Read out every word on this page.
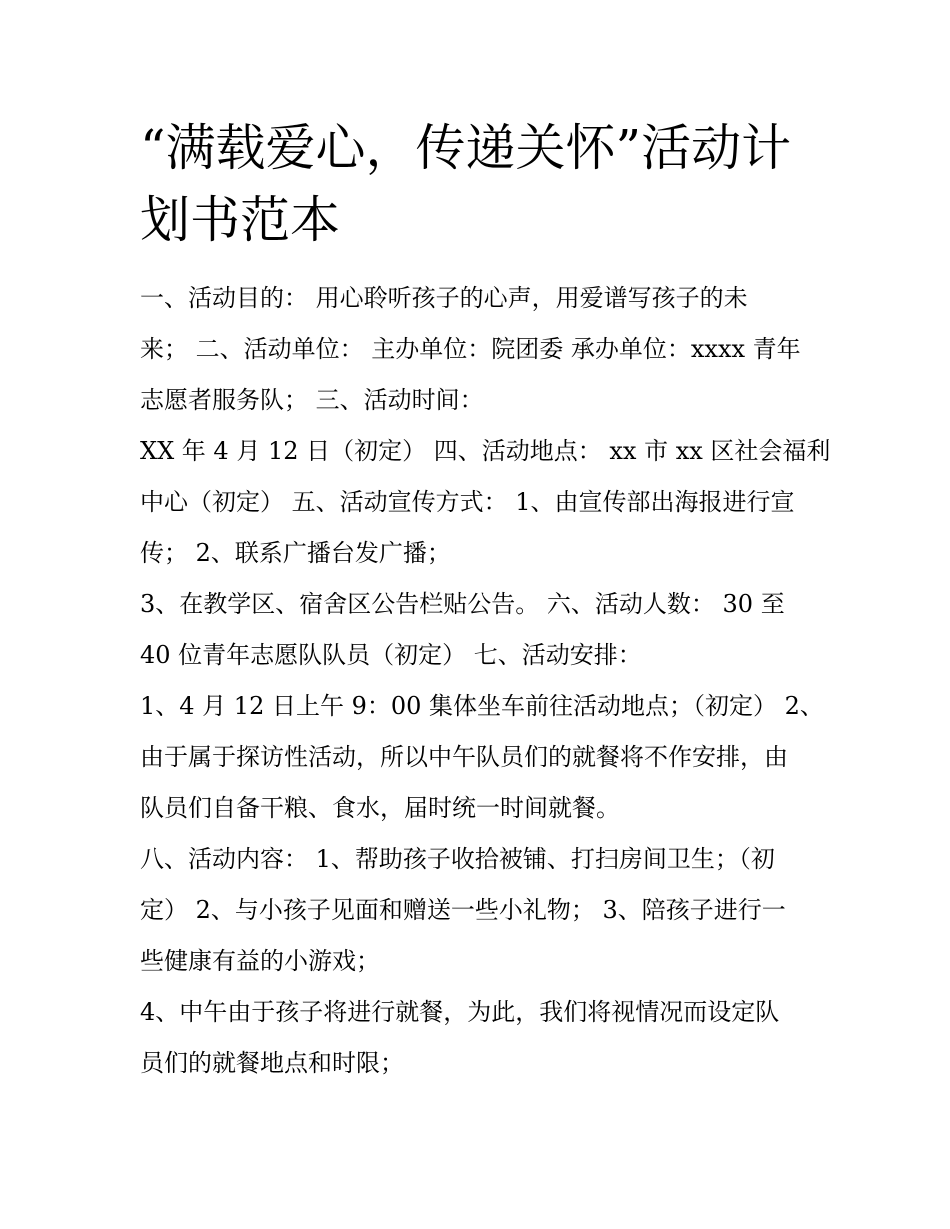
“满载爱心，传递关怀”活动计
划书范本
一、活动目的： 用心聆听孩子的心声，用爱谱写孩子的未
来； 二、活动单位： 主办单位：院团委 承办单位：xxxx 青年
志愿者服务队； 三、活动时间：
XX 年 4 月 12 日（初定） 四、活动地点： xx 市 xx 区社会福利
中心（初定） 五、活动宣传方式： 1、由宣传部出海报进行宣
传； 2、联系广播台发广播；
3、在教学区、宿舍区公告栏贴公告。 六、活动人数： 30 至
40 位青年志愿队队员（初定） 七、活动安排：
1、4 月 12 日上午 9：00 集体坐车前往活动地点；（初定） 2、
由于属于探访性活动，所以中午队员们的就餐将不作安排，由
队员们自备干粮、食水，届时统一时间就餐。
八、活动内容： 1、帮助孩子收拾被铺、打扫房间卫生；（初
定） 2、与小孩子见面和赠送一些小礼物； 3、陪孩子进行一
些健康有益的小游戏；
4、中午由于孩子将进行就餐，为此，我们将视情况而设定队
员们的就餐地点和时限；
